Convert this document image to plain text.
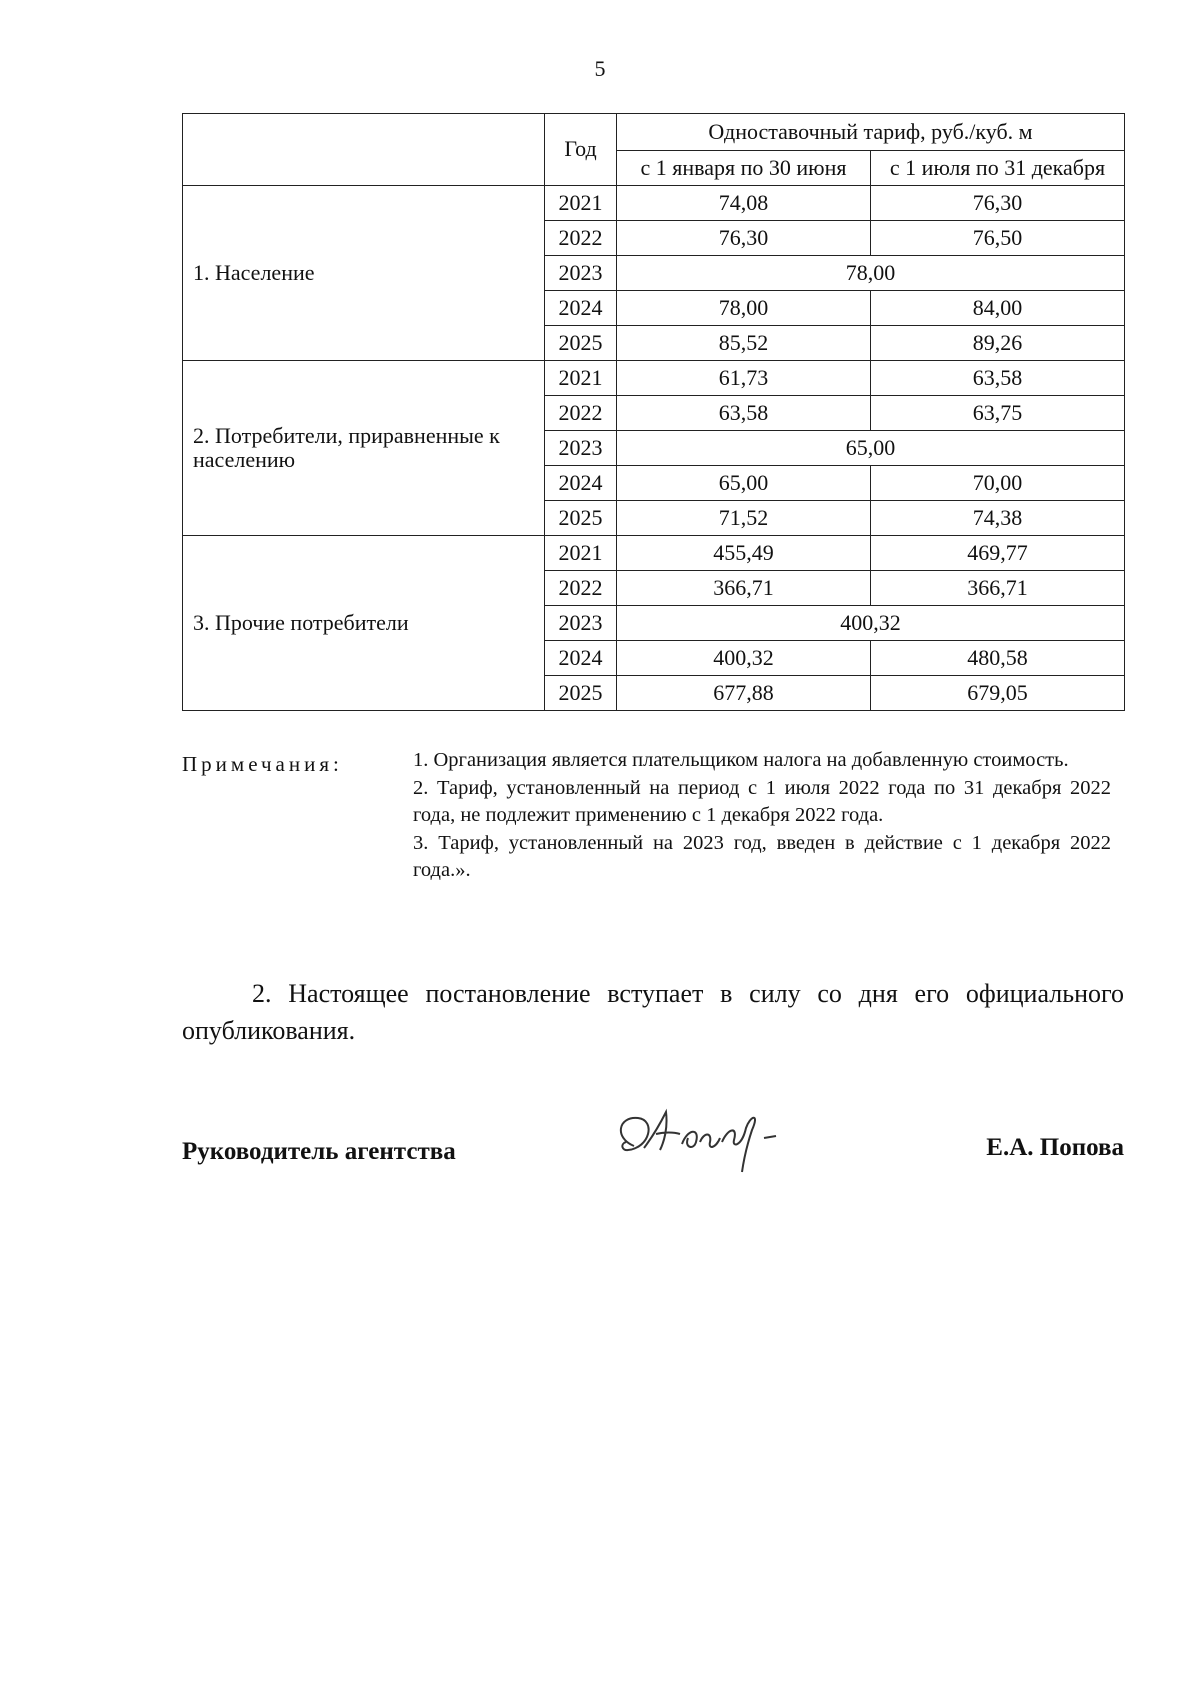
5
	Год	Одноставочный тариф, руб./куб. м	
		с 1 января по 30 июня	с 1 июля по 31 декабря
1. Население	2021	74,08	76,30
	2022	76,30	76,50
	2023	78,00	
	2024	78,00	84,00
	2025	85,52	89,26
2. Потребители, приравненные к населению	2021	61,73	63,58
	2022	63,58	63,75
	2023	65,00	
	2024	65,00	70,00
	2025	71,52	74,38
3. Прочие потребители	2021	455,49	469,77
	2022	366,71	366,71
	2023	400,32	
	2024	400,32	480,58
	2025	677,88	679,05
Примечания:	1. Организация является плательщиком налога на добавленную стоимость.

2. Тариф, установленный на период с 1 июля 2022 года по 31 декабря 2022 года, не подлежит применению с 1 декабря 2022 года.

3. Тариф, установленный на 2023 год, введен в действие с 1 декабря 2022 года.».

2. Настоящее постановление вступает в силу со дня его официального опубликования.
Руководитель агентства	Е.А. Попова
